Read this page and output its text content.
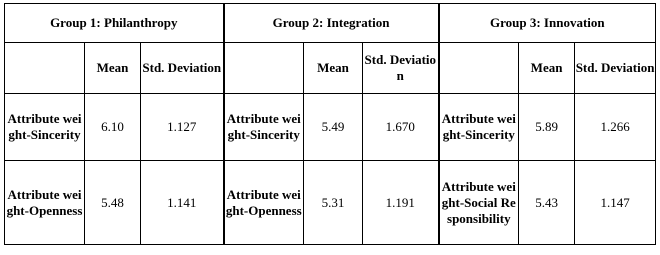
Group 1: Philanthropy			Group 2: Integration			Group 3: Innovation		
	Mean	Std. Deviation		Mean	Std. Deviation		Mean	Std. Deviation
Attribute weight-Sincerity	6.10	1.127	Attribute weight-Sincerity	5.49	1.670	Attribute weight-Sincerity	5.89	1.266
Attribute weight-Openness	5.48	1.141	Attribute weight-Openness	5.31	1.191	Attribute weight-Social Responsibility	5.43	1.147
